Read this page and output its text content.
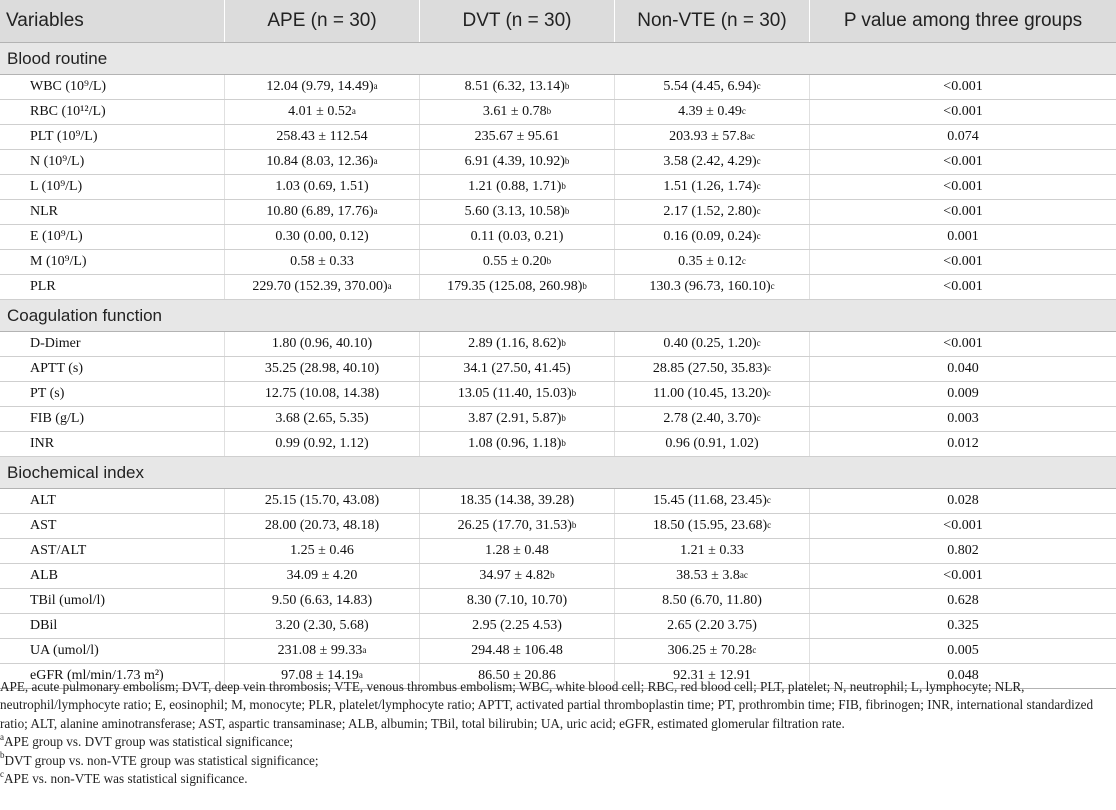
Variables	APE (n = 30)	DVT (n = 30)	Non-VTE (n = 30)	P value among three groups
Blood routine
WBC (10⁹/L)	12.04 (9.79, 14.49)$^a$	8.51 (6.32, 13.14)$^b$	5.54 (4.45, 6.94)$^c$	<0.001
RBC (10¹²/L)	4.01 ± 0.52$^a$	3.61 ± 0.78$^b$	4.39 ± 0.49$^c$	<0.001
PLT (10⁹/L)	258.43 ± 112.54	235.67 ± 95.61	203.93 ± 57.8$^{ac}$	0.074
N (10⁹/L)	10.84 (8.03, 12.36)$^a$	6.91 (4.39, 10.92)$^b$	3.58 (2.42, 4.29)$^c$	<0.001
L (10⁹/L)	1.03 (0.69, 1.51)	1.21 (0.88, 1.71)$^b$	1.51 (1.26, 1.74)$^c$	<0.001
NLR	10.80 (6.89, 17.76)$^a$	5.60 (3.13, 10.58)$^b$	2.17 (1.52, 2.80)$^c$	<0.001
E (10⁹/L)	0.30 (0.00, 0.12)	0.11 (0.03, 0.21)	0.16 (0.09, 0.24)$^c$	0.001
M (10⁹/L)	0.58 ± 0.33	0.55 ± 0.20$^b$	0.35 ± 0.12$^c$	<0.001
PLR	229.70 (152.39, 370.00)$^a$	179.35 (125.08, 260.98)$^b$	130.3 (96.73, 160.10)$^c$	<0.001
Coagulation function
D-Dimer	1.80 (0.96, 40.10)	2.89 (1.16, 8.62)$^b$	0.40 (0.25, 1.20)$^c$	<0.001
APTT (s)	35.25 (28.98, 40.10)	34.1 (27.50, 41.45)	28.85 (27.50, 35.83)$^c$	0.040
PT (s)	12.75 (10.08, 14.38)	13.05 (11.40, 15.03)$^b$	11.00 (10.45, 13.20)$^c$	0.009
FIB (g/L)	3.68 (2.65, 5.35)	3.87 (2.91, 5.87)$^b$	2.78 (2.40, 3.70)$^c$	0.003
INR	0.99 (0.92, 1.12)	1.08 (0.96, 1.18)$^b$	0.96 (0.91, 1.02)	0.012
Biochemical index
ALT	25.15 (15.70, 43.08)	18.35 (14.38, 39.28)	15.45 (11.68, 23.45)$^c$	0.028
AST	28.00 (20.73, 48.18)	26.25 (17.70, 31.53)$^b$	18.50 (15.95, 23.68)$^c$	<0.001
AST/ALT	1.25 ± 0.46	1.28 ± 0.48	1.21 ± 0.33	0.802
ALB	34.09 ± 4.20	34.97 ± 4.82$^b$	38.53 ± 3.8$^{ac}$	<0.001
TBil (umol/l)	9.50 (6.63, 14.83)	8.30 (7.10, 10.70)	8.50 (6.70, 11.80)	0.628
DBil	3.20 (2.30, 5.68)	2.95 (2.25 4.53)	2.65 (2.20 3.75)	0.325
UA (umol/l)	231.08 ± 99.33$^a$	294.48 ± 106.48	306.25 ± 70.28$^c$	0.005
eGFR (ml/min/1.73 m²)	97.08 ± 14.19$^a$	86.50 ± 20.86	92.31 ± 12.91	0.048

APE, acute pulmonary embolism; DVT, deep vein thrombosis; VTE, venous thrombus embolism; WBC, white blood cell; RBC, red blood cell; PLT, platelet; N, neutrophil; L, lymphocyte; NLR, neutrophil/lymphocyte ratio; E, eosinophil; M, monocyte; PLR, platelet/lymphocyte ratio; APTT, activated partial thromboplastin time; PT, prothrombin time; FIB, fibrinogen; INR, international standardized ratio; ALT, alanine aminotransferase; AST, aspartic transaminase; ALB, albumin; TBil, total bilirubin; UA, uric acid; eGFR, estimated glomerular filtration rate.

$^a$APE group vs. DVT group was statistical significance;

$^b$DVT group vs. non-VTE group was statistical significance;

$^c$APE vs. non-VTE was statistical significance.
